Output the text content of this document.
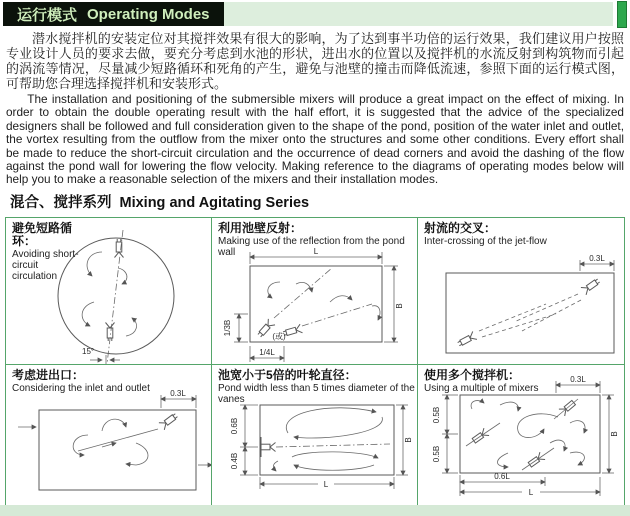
运行模式 Operating Modes

潜水搅拌机的安装定位对其搅拌效果有很大的影响，为了达到事半功倍的运行效果，我们建议用户按照专业设计人员的要求去做，要充分考虑到水池的形状，进出水的位置以及搅拌机的水流反射到构筑物而引起的涡流等情况，尽量减少短路循环和死角的产生，避免与池壁的撞击而降低流速，参照下面的运行模式图，可帮助您合理选择搅拌机和安装形式。

The installation and positioning of the submersible mixers will produce a great impact on the effect of mixing. In order to obtain the double operating result with the half effort, it is suggested that the advice of the specialized designers shall be followed and full consideration given to the shape of the pond, position of the water inlet and outlet, the vortex resulting from the outflow from the mixer onto the structures and some other conditions. Every effort shall be made to reduce the short-circuit circulation and the occurrence of dead corners and avoid the dashing of the flow against the pond wall for lowering the flow velocity. Making reference to the diagrams of operating modes below will help you to make a reasonable selection of the mixers and their installation modes.

混合、搅拌系列 Mixing and Agitating Series
避免短路循环：
Avoiding short-circuit circulation
15°
利用池壁反射：
Making use of the reflection from the pond wall	L
B
1/3B
1/4L
(或)
射流的交叉：
Inter-crossing of the jet-flow
0.3L
考虑进出口：
Considering the inlet and outlet	0.3L
池宽小于5倍的叶轮直径：
Pond width less than 5 times diameter of the vanes
0.6B
0.4B
B
L
使用多个搅拌机：
Using a multiple of mixers
0.3L
0.5B
0.5B
B
0.6L
L
